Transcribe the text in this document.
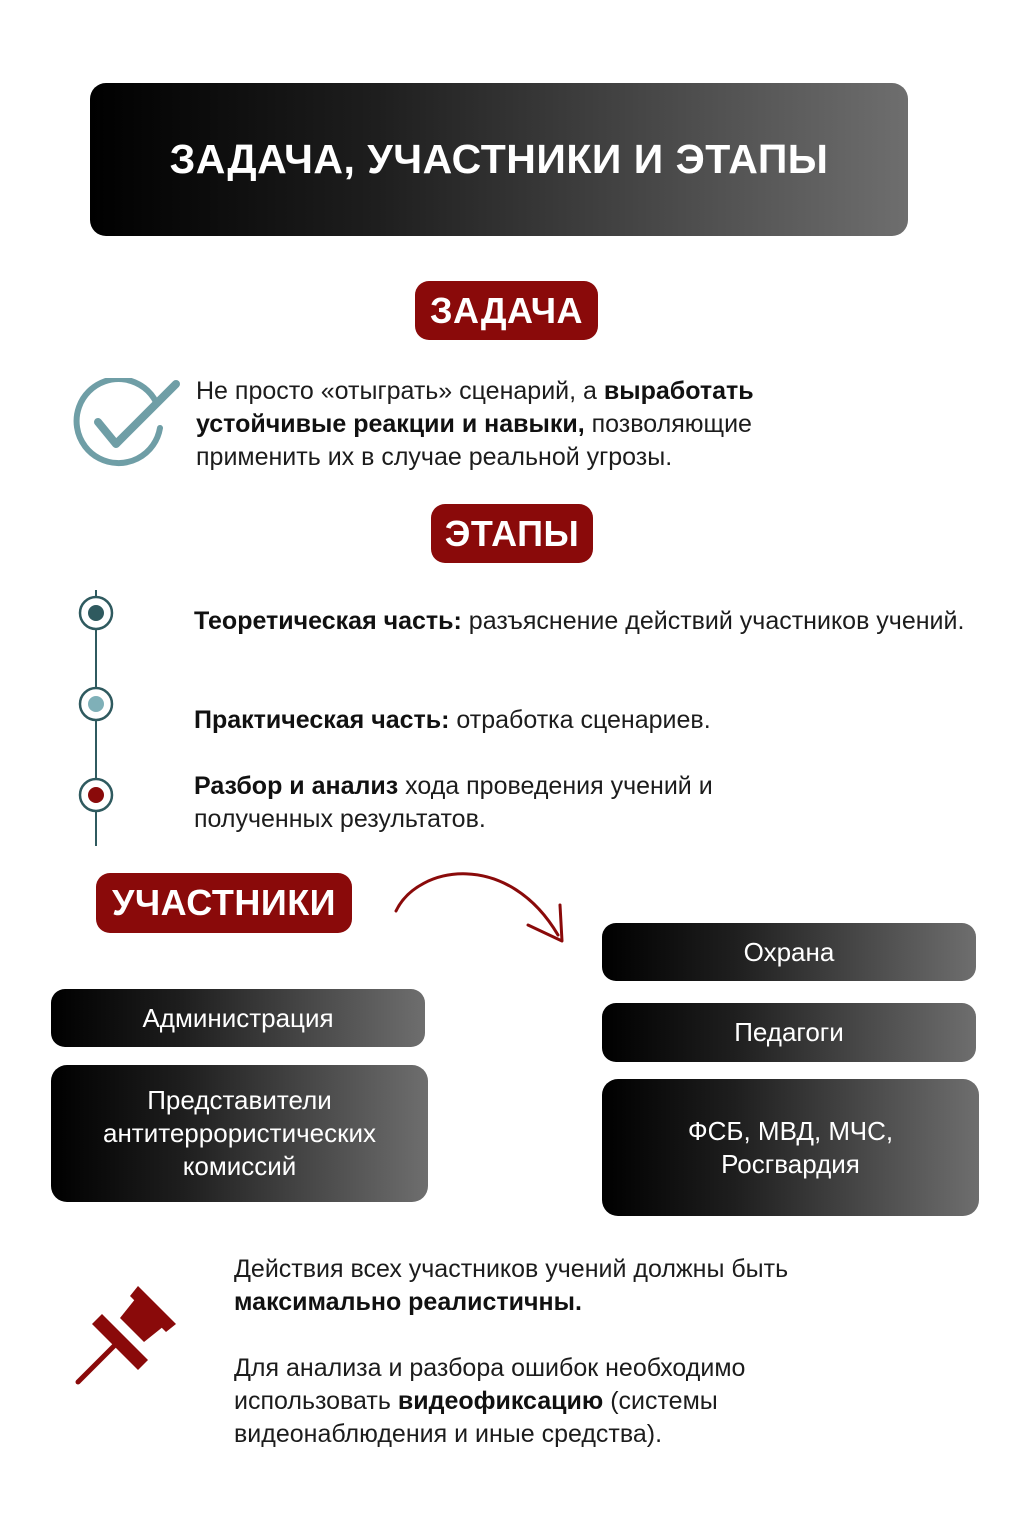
ЗАДАЧА, УЧАСТНИКИ И ЭТАПЫ
ЗАДАЧА
Не просто «отыграть» сценарий, а выработать устойчивые реакции и навыки, позволяющие применить их в случае реальной угрозы.
ЭТАПЫ

Теоретическая часть: разъяснение действий участников учений.

Практическая часть: отработка сценариев.

Разбор и анализ хода проведения учений и полученных результатов.

УЧАСТНИКИ
Администрация
Представители антитеррористических комиссий
Охрана
Педагоги
ФСБ, МВД, МЧС, Росгвардия
Действия всех участников учений должны быть максимально реалистичны.
Для анализа и разбора ошибок необходимо использовать видеофиксацию (системы видеонаблюдения и иные средства).
